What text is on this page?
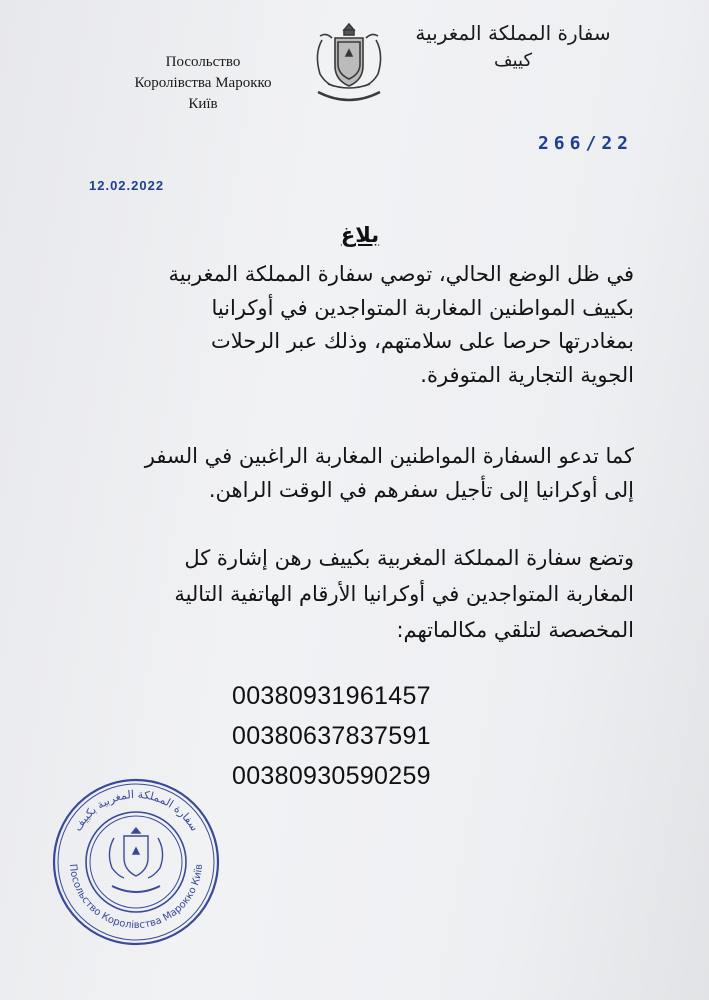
Посольство
Королівства Марокко
Київ
سفارة المملكة المغربية
كييف
266/22
12.02.2022
بلاغ
في ظل الوضع الحالي، توصي سفارة المملكة المغربية
بكييف المواطنين المغاربة المتواجدين في أوكرانيا
بمغادرتها حرصا على سلامتهم، وذلك عبر الرحلات
الجوية التجارية المتوفرة.
كما تدعو السفارة المواطنين المغاربة الراغبين في السفر
إلى أوكرانيا إلى تأجيل سفرهم في الوقت الراهن.
وتضع سفارة المملكة المغربية بكييف رهن إشارة كل
المغاربة المتواجدين في أوكرانيا الأرقام الهاتفية التالية
المخصصة لتلقي مكالماتهم:
00380931961457
00380637837591
00380930590259
سفارة المملكة المغربية بكييف
Посольство Королівства Марокко Київ
